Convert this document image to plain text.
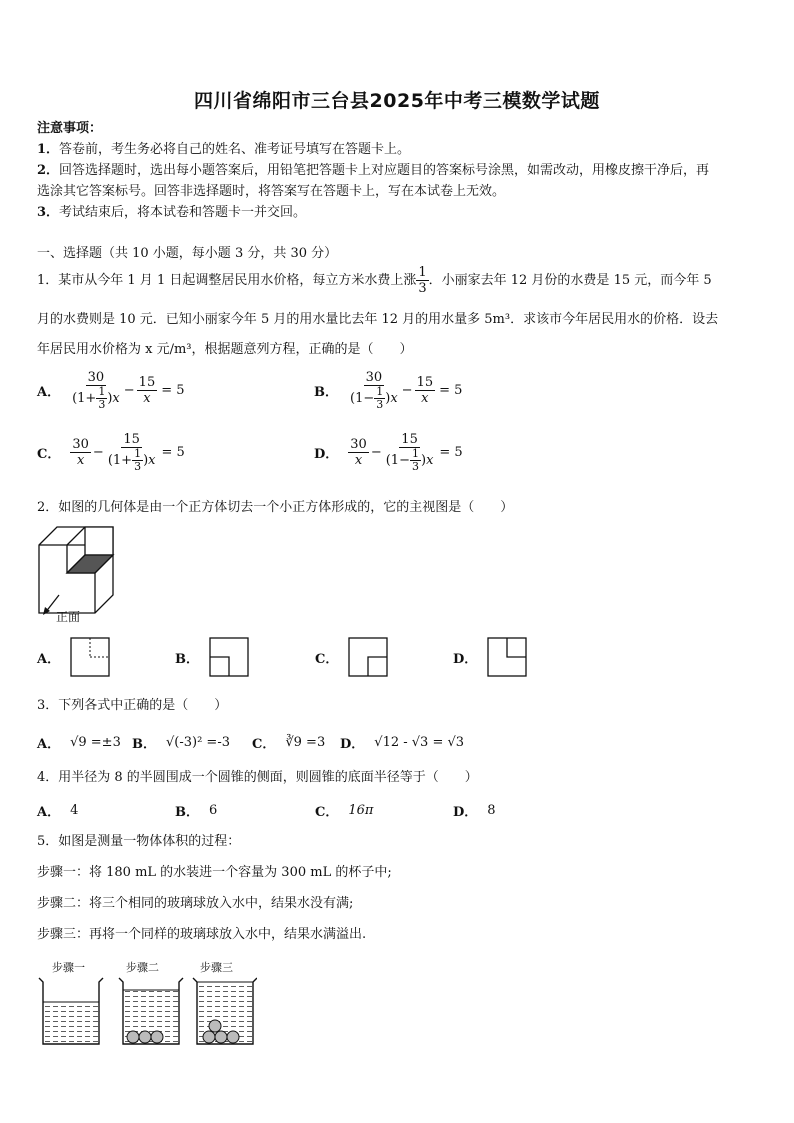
四川省绵阳市三台县2025年中考三模数学试题
注意事项：
1．答卷前，考生务必将自己的姓名、准考证号填写在答题卡上。
2．回答选择题时，选出每小题答案后，用铅笔把答题卡上对应题目的答案标号涂黑，如需改动，用橡皮擦干净后，再
选涂其它答案标号。回答非选择题时，将答案写在答题卡上，写在本试卷上无效。
3．考试结束后，将本试卷和答题卡一并交回。
一、选择题（共 10 小题，每小题 3 分，共 30 分）
1．某市从今年 1 月 1 日起调整居民用水价格，每立方米水费上涨 $\frac{1}{3}$ ．小丽家去年 12 月份的水费是 15 元，而今年 5
月的水费则是 10 元．已知小丽家今年 5 月的用水量比去年 12 月的用水量多 5m³．求该市今年居民用水的价格．设去
年居民用水价格为 x 元/m³，根据题意列方程，正确的是（　　）
A． $\frac{30}{(1+ \frac{1}{3} ) x} - \frac{15}{x} = 5$	B． $\frac{30}{(1- \frac{1}{3} ) x} - \frac{15}{x} = 5$
C． $\frac{30}{x} - \frac{15}{(1+ \frac{1}{3} ) x} = 5$	D． $\frac{30}{x} - \frac{15}{(1- \frac{1}{3} ) x} = 5$
2．如图的几何体是由一个正方体切去一个小正方体形成的，它的主视图是（　　）
正面
A．	B．	C．	D．
3．下列各式中正确的是（　　）
A． √9 =±3 B． √(-3)² =-3 C． ∛9 =3 D． √12 - √3 = √3
4．用半径为 8 的半圆围成一个圆锥的侧面，则圆锥的底面半径等于（　　）
A． 4	B． 6	C． 16π	D． 8
5．如图是测量一物体体积的过程：
步骤一：将 180 mL 的水装进一个容量为 300 mL 的杯子中;
步骤二：将三个相同的玻璃球放入水中，结果水没有满;
步骤三：再将一个同样的玻璃球放入水中，结果水满溢出.
步骤一	步骤二	步骤三
